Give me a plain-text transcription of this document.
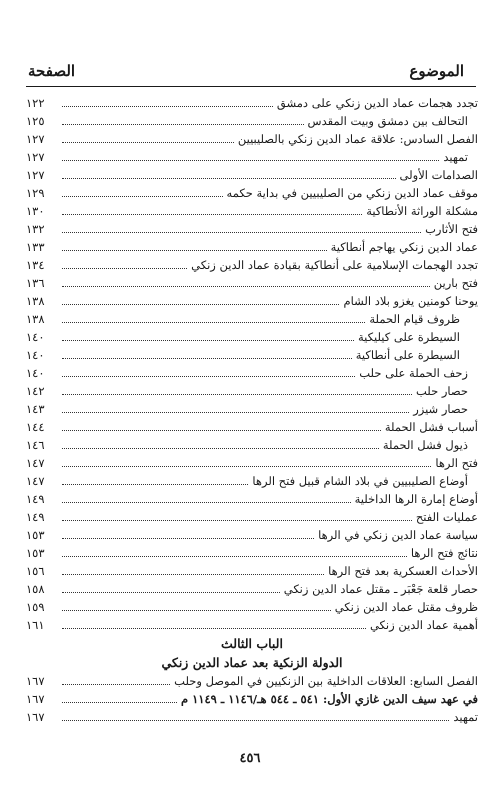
الموضوع
الصفحة
تجدد هجمات عماد الدين زنكي على دمشق
١٢٢
التحالف بين دمشق وبيت المقدس
١٢٥
الفصل السادس: علاقة عماد الدين زنكي بالصليبيين
١٢٧
تمهيد
١٢٧
الصدامات الأولى
١٢٧
موقف عماد الدين زنكي من الصليبيين في بداية حكمه
١٢٩
مشكلة الوراثة الأنطاكية
١٣٠
فتح الأثارب
١٣٢
عماد الدين زنكي يهاجم أنطاكية
١٣٣
تجدد الهجمات الإسلامية على أنطاكية بقيادة عماد الدين زنكي
١٣٤
فتح بارين
١٣٦
يوحنا كومنين يغزو بلاد الشام
١٣٨
ظروف قيام الحملة
١٣٨
السيطرة على كيليكية
١٤٠
السيطرة على أنطاكية
١٤٠
زحف الحملة على حلب
١٤٠
حصار حلب
١٤٢
حصار شيزر
١٤٣
أسباب فشل الحملة
١٤٤
ذيول فشل الحملة
١٤٦
فتح الرها
١٤٧
أوضاع الصليبيين في بلاد الشام قبيل فتح الرها
١٤٧
أوضاع إمارة الرها الداخلية
١٤٩
عمليات الفتح
١٤٩
سياسة عماد الدين زنكي في الرها
١٥٣
نتائج فتح الرها
١٥٣
الأحداث العسكرية بعد فتح الرها
١٥٦
حصار قلعة جَعْبَر ـ مقتل عماد الدين زنكي
١٥٨
ظروف مقتل عماد الدين زنكي
١٥٩
أهمية عماد الدين زنكي
١٦١
الباب الثالث
الدولة الزنكية بعد عماد الدين زنكي
الفصل السابع: العلاقات الداخلية بين الزنكيين في الموصل وحلب
١٦٧
في عهد سيف الدين غازي الأول: ٥٤١ ـ ٥٤٤ هـ/١١٤٦ ـ ١١٤٩ م
١٦٧
تمهيد
١٦٧
٤٥٦
